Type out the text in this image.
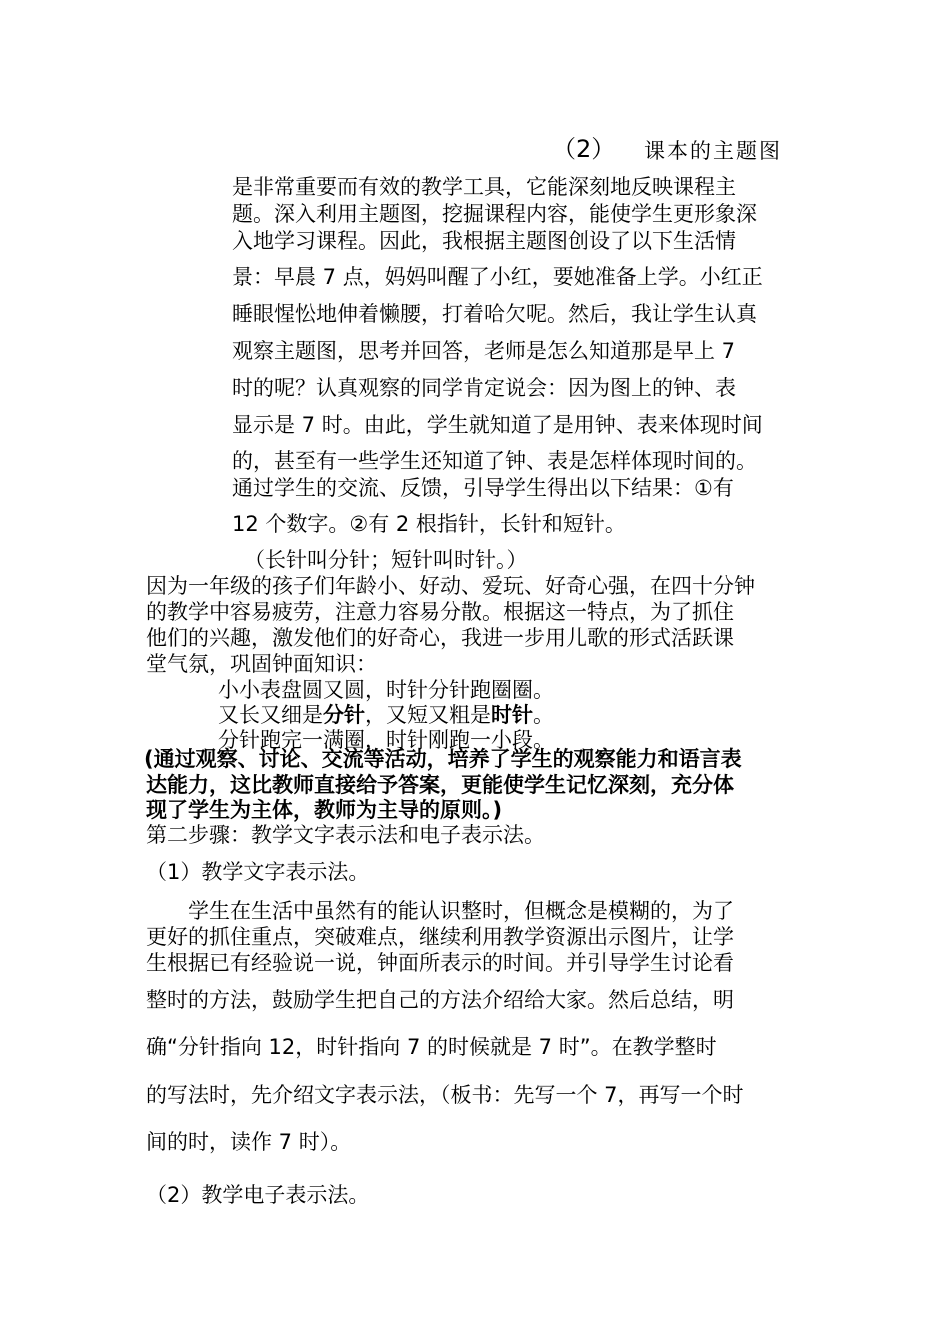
（2） 课本的主题图
是非常重要而有效的教学工具，它能深刻地反映课程主
题。深入利用主题图，挖掘课程内容，能使学生更形象深
入地学习课程。因此，我根据主题图创设了以下生活情
景：早晨 7 点，妈妈叫醒了小红，要她准备上学。小红正
睡眼惺忪地伸着懒腰，打着哈欠呢。然后，我让学生认真
观察主题图，思考并回答，老师是怎么知道那是早上 7
时的呢？认真观察的同学肯定说会：因为图上的钟、表
显示是 7 时。由此，学生就知道了是用钟、表来体现时间
的，甚至有一些学生还知道了钟、表是怎样体现时间的。
通过学生的交流、反馈，引导学生得出以下结果：①有
12 个数字。②有 2 根指针，长针和短针。
（长针叫分针；短针叫时针。）
因为一年级的孩子们年龄小、好动、爱玩、好奇心强，在四十分钟
的教学中容易疲劳，注意力容易分散。根据这一特点，为了抓住
他们的兴趣，激发他们的好奇心，我进一步用儿歌的形式活跃课
堂气氛，巩固钟面知识：
小小表盘圆又圆，时针分针跑圈圈。
又长又细是分针，又短又粗是时针。
分针跑完一满圈，时针刚跑一小段。
(通过观察、讨论、交流等活动，培养了学生的观察能力和语言表
达能力，这比教师直接给予答案，更能使学生记忆深刻，充分体
现了学生为主体，教师为主导的原则。)
第二步骤：教学文字表示法和电子表示法。
（1）教学文字表示法。
学生在生活中虽然有的能认识整时，但概念是模糊的，为了
更好的抓住重点，突破难点，继续利用教学资源出示图片，让学
生根据已有经验说一说，钟面所表示的时间。并引导学生讨论看
整时的方法，鼓励学生把自己的方法介绍给大家。然后总结，明
确“分针指向 12，时针指向 7 的时候就是 7 时”。在教学整时
的写法时，先介绍文字表示法，（板书：先写一个 7，再写一个时
间的时，读作 7 时）。
（2）教学电子表示法。
